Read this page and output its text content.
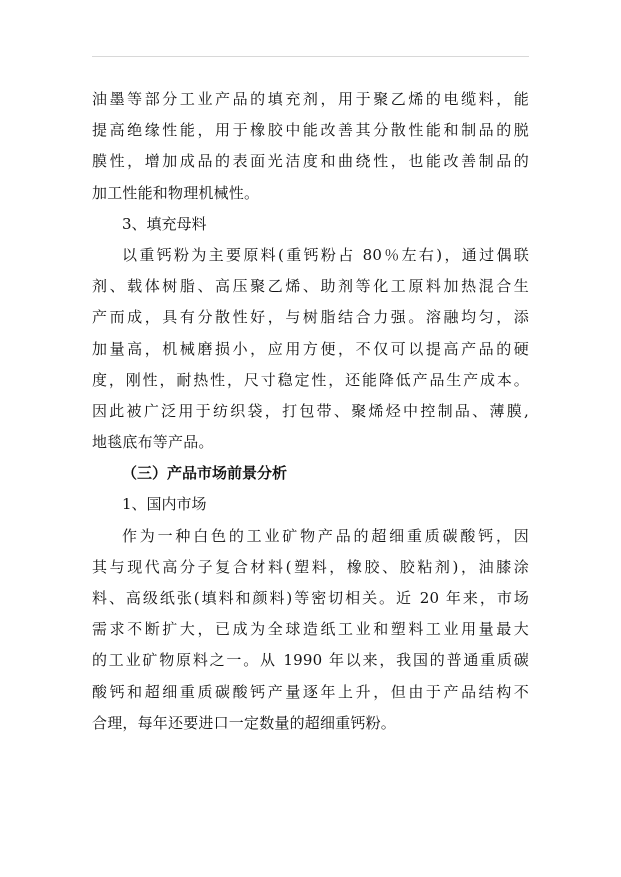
油墨等部分工业产品的填充剂，用于聚乙烯的电缆料，能
提高绝缘性能，用于橡胶中能改善其分散性能和制品的脱
膜性，增加成品的表面光洁度和曲绕性，也能改善制品的
加工性能和物理机械性。
3、填充母料
以重钙粉为主要原料(重钙粉占 80％左右)，通过偶联
剂、载体树脂、高压聚乙烯、助剂等化工原料加热混合生
产而成，具有分散性好，与树脂结合力强。溶融均匀，添
加量高，机械磨损小，应用方便，不仅可以提高产品的硬
度，刚性，耐热性，尺寸稳定性，还能降低产品生产成本。
因此被广泛用于纺织袋，打包带、聚烯烃中控制品、薄膜,
地毯底布等产品。
（三）产品市场前景分析
1、国内市场
作为一种白色的工业矿物产品的超细重质碳酸钙，因
其与现代高分子复合材料(塑料，橡胶、胶粘剂)，油膝涂
料、高级纸张(填料和颜料)等密切相关。近 20 年来，市场
需求不断扩大，已成为全球造纸工业和塑料工业用量最大
的工业矿物原料之一。从 1990 年以来，我国的普通重质碳
酸钙和超细重质碳酸钙产量逐年上升，但由于产品结构不
合理，每年还要进口一定数量的超细重钙粉。
